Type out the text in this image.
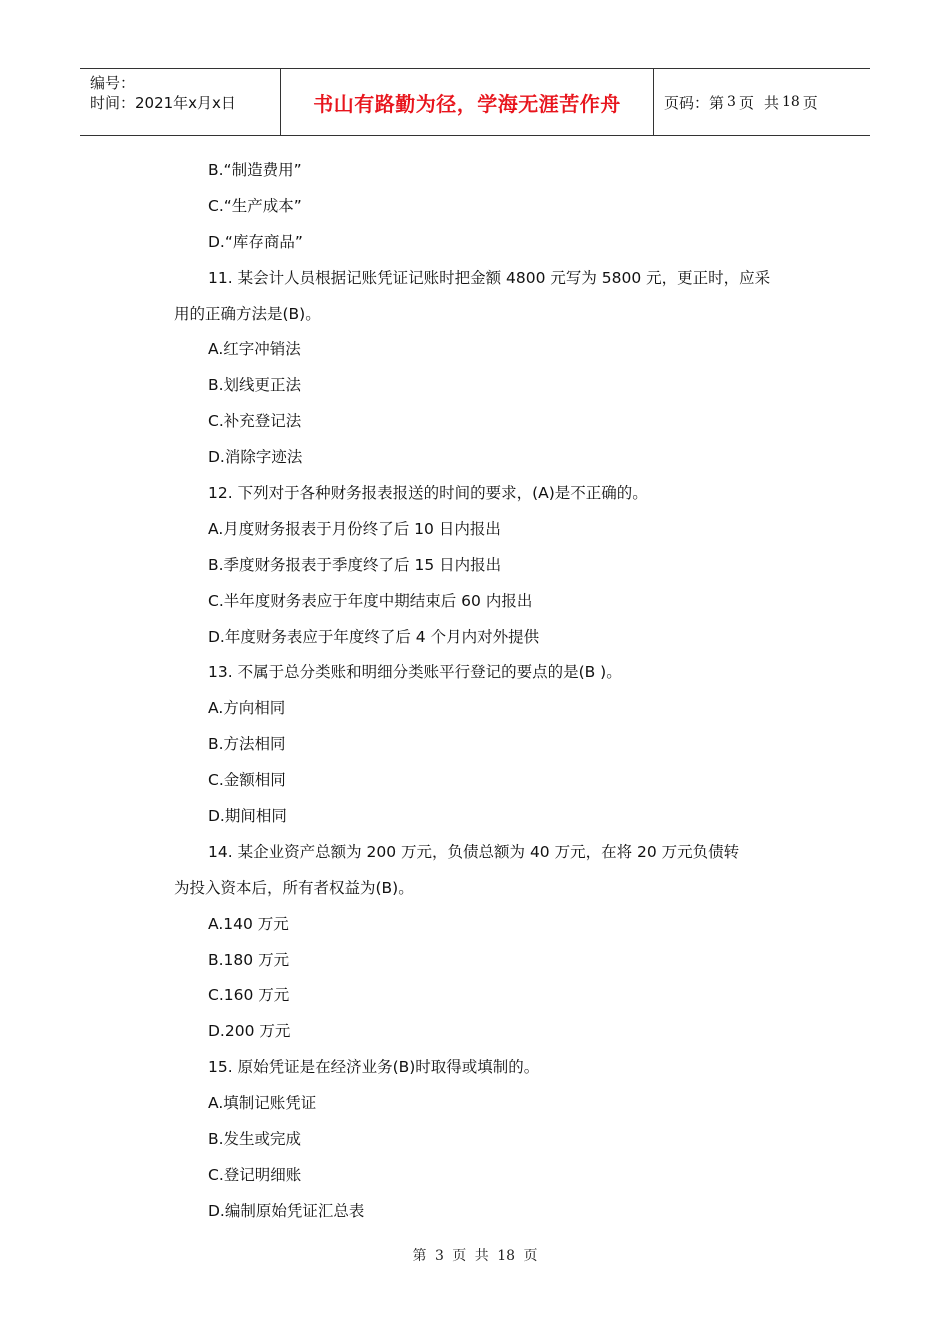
编号：
时间：2021年x月x日	书山有路勤为径，学海无涯苦作舟	页码：第 3 页 共 18 页
B.“制造费用”
C.“生产成本”
D.“库存商品”
11. 某会计人员根据记账凭证记账时把金额 4800 元写为 5800 元，更正时，应采
用的正确方法是(B)。
A.红字冲销法
B.划线更正法
C.补充登记法
D.消除字迹法
12. 下列对于各种财务报表报送的时间的要求，(A)是不正确的。
A.月度财务报表于月份终了后 10 日内报出
B.季度财务报表于季度终了后 15 日内报出
C.半年度财务表应于年度中期结束后 60 内报出
D.年度财务表应于年度终了后 4 个月内对外提供
13. 不属于总分类账和明细分类账平行登记的要点的是(B )。
A.方向相同
B.方法相同
C.金额相同
D.期间相同
14. 某企业资产总额为 200 万元，负债总额为 40 万元，在将 20 万元负债转
为投入资本后，所有者权益为(B)。
A.140 万元
B.180 万元
C.160 万元
D.200 万元
15. 原始凭证是在经济业务(B)时取得或填制的。
A.填制记账凭证
B.发生或完成
C.登记明细账
D.编制原始凭证汇总表
第 3 页 共 18 页
